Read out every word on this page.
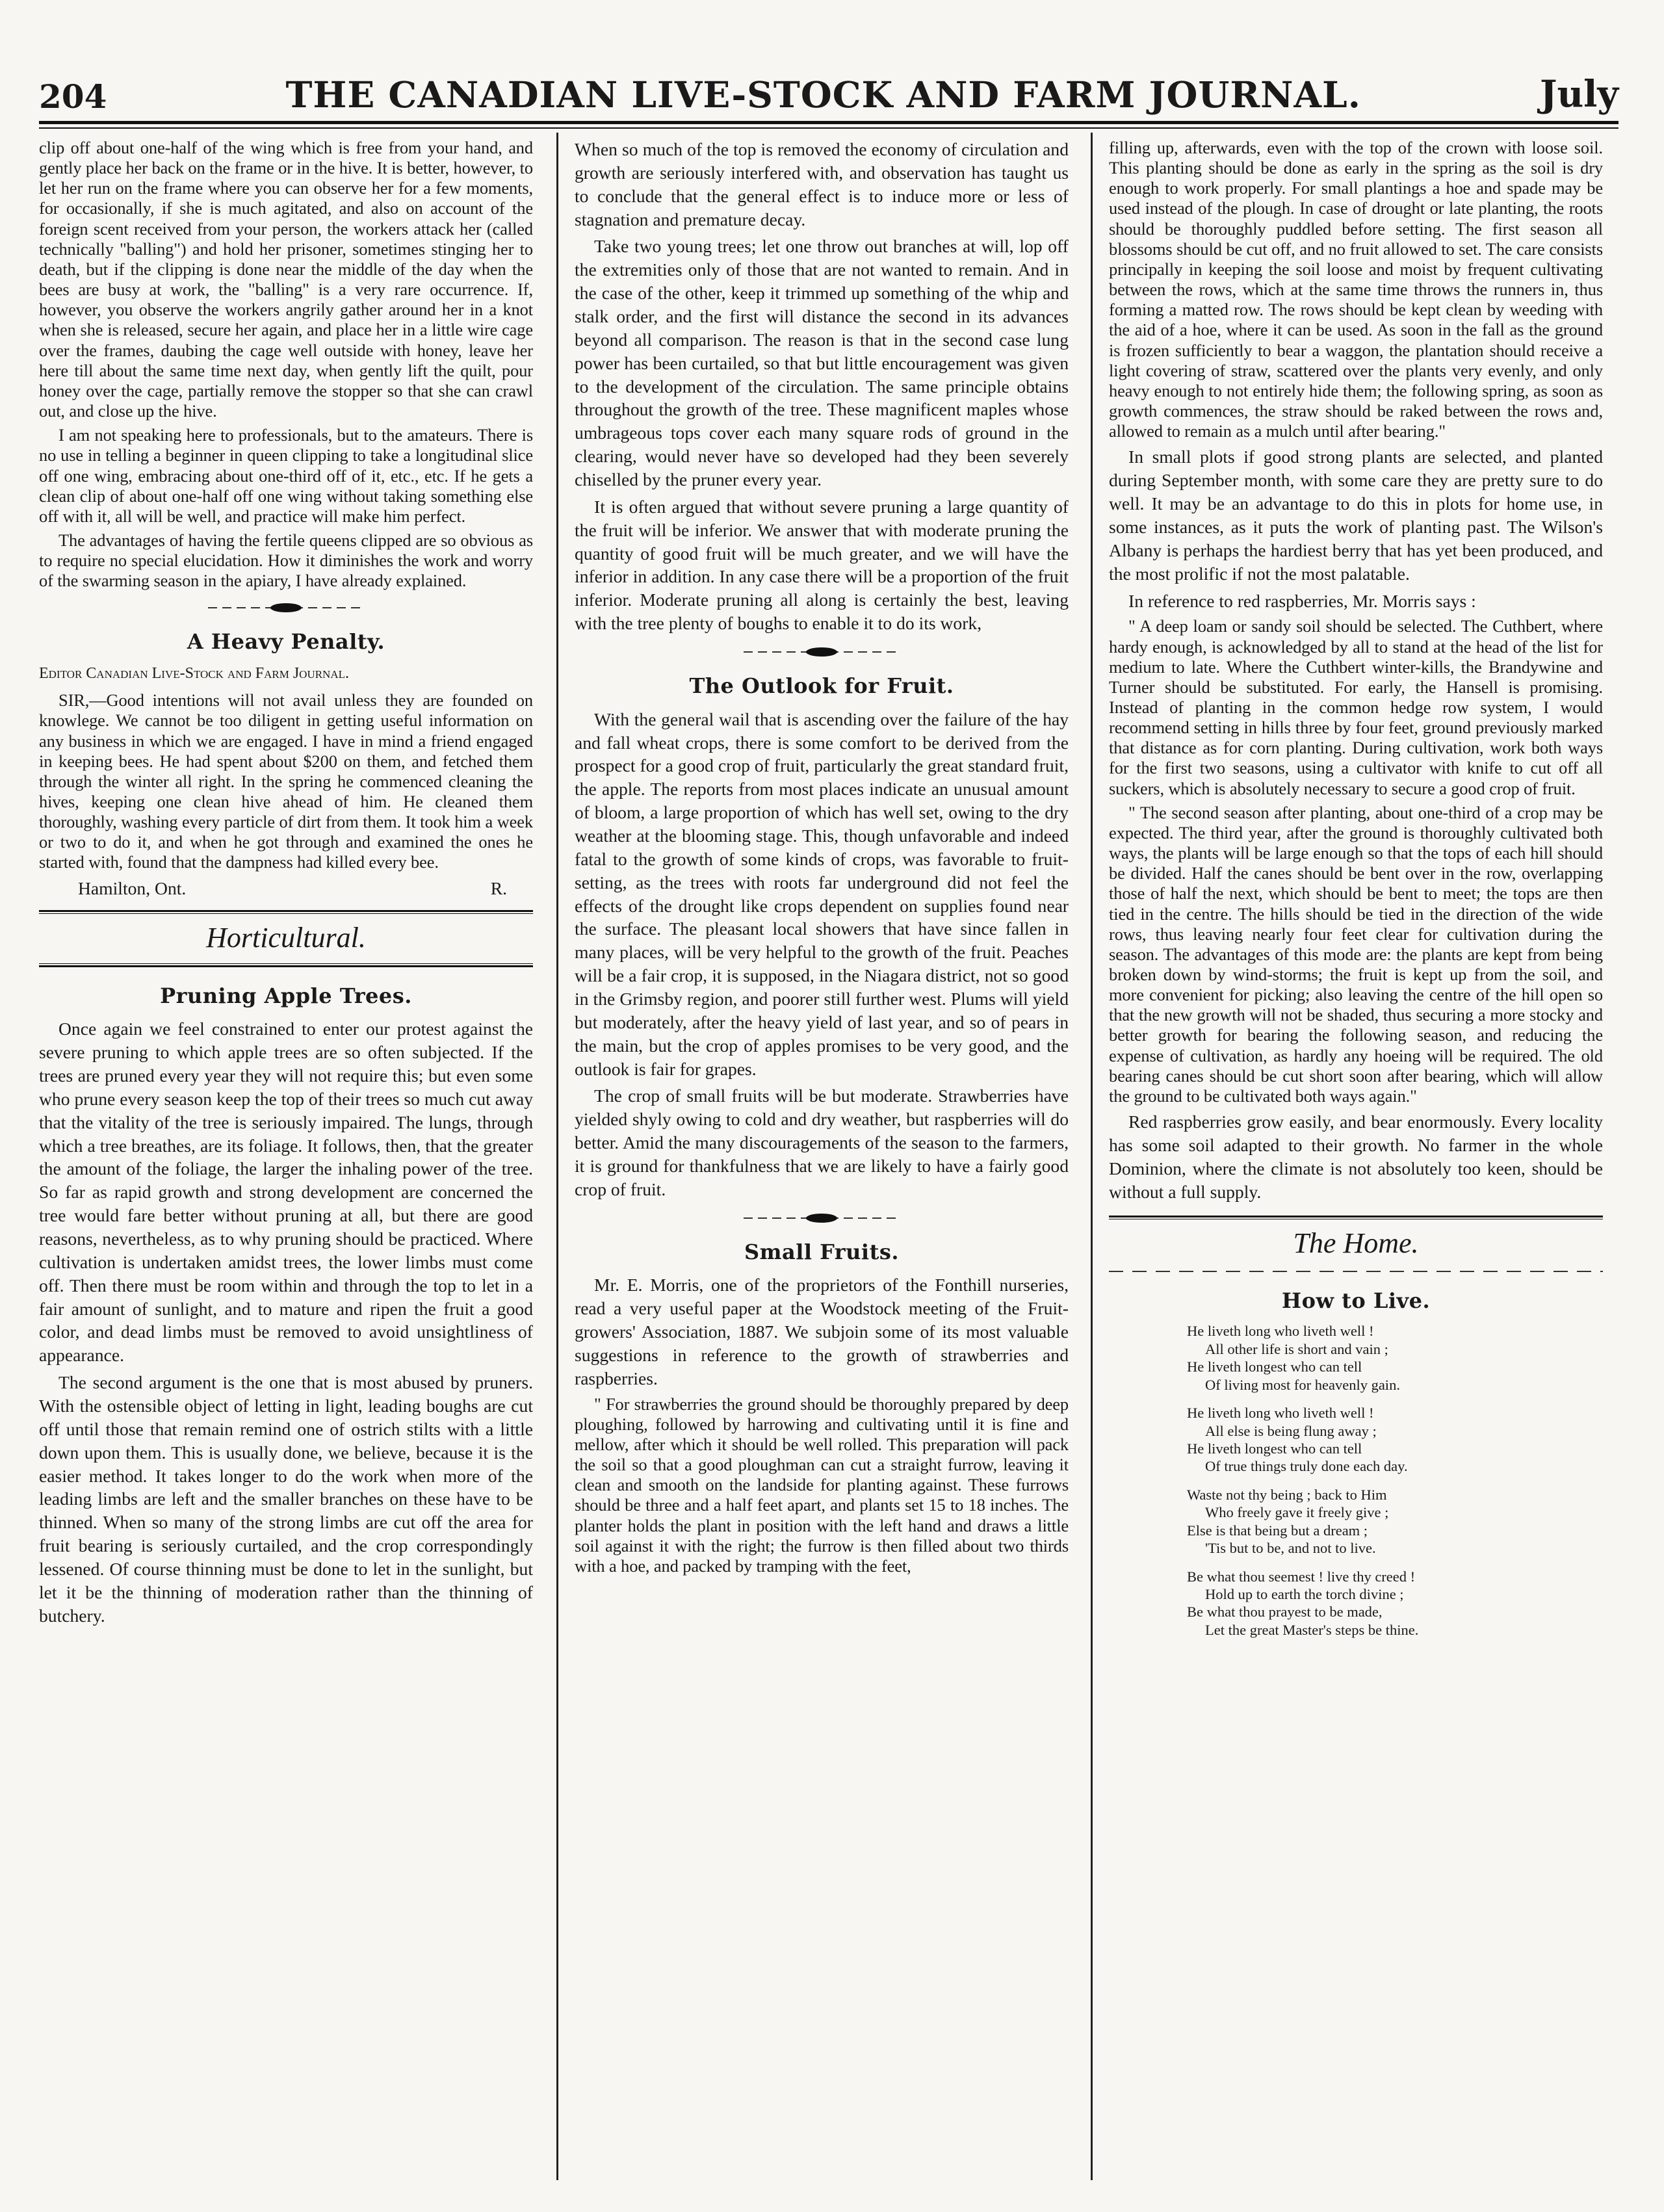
204	THE CANADIAN LIVE-STOCK AND FARM JOURNAL.	July

clip off about one-half of the wing which is free from your hand, and gently place her back on the frame or in the hive. It is better, however, to let her run on the frame where you can observe her for a few moments, for occasionally, if she is much agitated, and also on account of the foreign scent received from your person, the workers attack her (called technically "balling") and hold her prisoner, sometimes stinging her to death, but if the clipping is done near the middle of the day when the bees are busy at work, the "balling" is a very rare occurrence. If, however, you observe the workers angrily gather around her in a knot when she is released, secure her again, and place her in a little wire cage over the frames, daubing the cage well outside with honey, leave her here till about the same time next day, when gently lift the quilt, pour honey over the cage, partially remove the stopper so that she can crawl out, and close up the hive.

I am not speaking here to professionals, but to the amateurs. There is no use in telling a beginner in queen clipping to take a longitudinal slice off one wing, embracing about one-third off of it, etc., etc. If he gets a clean clip of about one-half off one wing without taking something else off with it, all will be well, and practice will make him perfect.

The advantages of having the fertile queens clipped are so obvious as to require no special elucidation. How it diminishes the work and worry of the swarming season in the apiary, I have already explained.

A Heavy Penalty.

Editor Canadian Live-Stock and Farm Journal.

SIR,—Good intentions will not avail unless they are founded on knowlege. We cannot be too diligent in getting useful information on any business in which we are engaged. I have in mind a friend engaged in keeping bees. He had spent about $200 on them, and fetched them through the winter all right. In the spring he commenced cleaning the hives, keeping one clean hive ahead of him. He cleaned them thoroughly, washing every particle of dirt from them. It took him a week or two to do it, and when he got through and examined the ones he started with, found that the dampness had killed every bee.

Hamilton, Ont.	R.
Horticultural.
Pruning Apple Trees.

Once again we feel constrained to enter our protest against the severe pruning to which apple trees are so often subjected. If the trees are pruned every year they will not require this; but even some who prune every season keep the top of their trees so much cut away that the vitality of the tree is seriously impaired. The lungs, through which a tree breathes, are its foliage. It follows, then, that the greater the amount of the foliage, the larger the inhaling power of the tree. So far as rapid growth and strong development are concerned the tree would fare better without pruning at all, but there are good reasons, nevertheless, as to why pruning should be practiced. Where cultivation is undertaken amidst trees, the lower limbs must come off. Then there must be room within and through the top to let in a fair amount of sunlight, and to mature and ripen the fruit a good color, and dead limbs must be removed to avoid unsightliness of appearance.

The second argument is the one that is most abused by pruners. With the ostensible object of letting in light, leading boughs are cut off until those that remain remind one of ostrich stilts with a little down upon them. This is usually done, we believe, because it is the easier method. It takes longer to do the work when more of the leading limbs are left and the smaller branches on these have to be thinned. When so many of the strong limbs are cut off the area for fruit bearing is seriously curtailed, and the crop correspondingly lessened. Of course thinning must be done to let in the sunlight, but let it be the thinning of moderation rather than the thinning of butchery.

When so much of the top is removed the economy of circulation and growth are seriously interfered with, and observation has taught us to conclude that the general effect is to induce more or less of stagnation and premature decay.

Take two young trees; let one throw out branches at will, lop off the extremities only of those that are not wanted to remain. And in the case of the other, keep it trimmed up something of the whip and stalk order, and the first will distance the second in its advances beyond all comparison. The reason is that in the second case lung power has been curtailed, so that but little encouragement was given to the development of the circulation. The same principle obtains throughout the growth of the tree. These magnificent maples whose umbrageous tops cover each many square rods of ground in the clearing, would never have so developed had they been severely chiselled by the pruner every year.

It is often argued that without severe pruning a large quantity of the fruit will be inferior. We answer that with moderate pruning the quantity of good fruit will be much greater, and we will have the inferior in addition. In any case there will be a proportion of the fruit inferior. Moderate pruning all along is certainly the best, leaving with the tree plenty of boughs to enable it to do its work,

The Outlook for Fruit.

With the general wail that is ascending over the failure of the hay and fall wheat crops, there is some comfort to be derived from the prospect for a good crop of fruit, particularly the great standard fruit, the apple. The reports from most places indicate an unusual amount of bloom, a large proportion of which has well set, owing to the dry weather at the blooming stage. This, though unfavorable and indeed fatal to the growth of some kinds of crops, was favorable to fruit-setting, as the trees with roots far underground did not feel the effects of the drought like crops dependent on supplies found near the surface. The pleasant local showers that have since fallen in many places, will be very helpful to the growth of the fruit. Peaches will be a fair crop, it is supposed, in the Niagara district, not so good in the Grimsby region, and poorer still further west. Plums will yield but moderately, after the heavy yield of last year, and so of pears in the main, but the crop of apples promises to be very good, and the outlook is fair for grapes.

The crop of small fruits will be but moderate. Strawberries have yielded shyly owing to cold and dry weather, but raspberries will do better. Amid the many discouragements of the season to the farmers, it is ground for thankfulness that we are likely to have a fairly good crop of fruit.

Small Fruits.

Mr. E. Morris, one of the proprietors of the Fonthill nurseries, read a very useful paper at the Woodstock meeting of the Fruit-growers' Association, 1887. We subjoin some of its most valuable suggestions in reference to the growth of strawberries and raspberries.

" For strawberries the ground should be thoroughly prepared by deep ploughing, followed by harrowing and cultivating until it is fine and mellow, after which it should be well rolled. This preparation will pack the soil so that a good ploughman can cut a straight furrow, leaving it clean and smooth on the landside for planting against. These furrows should be three and a half feet apart, and plants set 15 to 18 inches. The planter holds the plant in position with the left hand and draws a little soil against it with the right; the furrow is then filled about two thirds with a hoe, and packed by tramping with the feet,

filling up, afterwards, even with the top of the crown with loose soil. This planting should be done as early in the spring as the soil is dry enough to work properly. For small plantings a hoe and spade may be used instead of the plough. In case of drought or late planting, the roots should be thoroughly puddled before setting. The first season all blossoms should be cut off, and no fruit allowed to set. The care consists principally in keeping the soil loose and moist by frequent cultivating between the rows, which at the same time throws the runners in, thus forming a matted row. The rows should be kept clean by weeding with the aid of a hoe, where it can be used. As soon in the fall as the ground is frozen sufficiently to bear a waggon, the plantation should receive a light covering of straw, scattered over the plants very evenly, and only heavy enough to not entirely hide them; the following spring, as soon as growth commences, the straw should be raked between the rows and, allowed to remain as a mulch until after bearing."

In small plots if good strong plants are selected, and planted during September month, with some care they are pretty sure to do well. It may be an advantage to do this in plots for home use, in some instances, as it puts the work of planting past. The Wilson's Albany is perhaps the hardiest berry that has yet been produced, and the most prolific if not the most palatable.

In reference to red raspberries, Mr. Morris says :

" A deep loam or sandy soil should be selected. The Cuthbert, where hardy enough, is acknowledged by all to stand at the head of the list for medium to late. Where the Cuthbert winter-kills, the Brandywine and Turner should be substituted. For early, the Hansell is promising. Instead of planting in the common hedge row system, I would recommend setting in hills three by four feet, ground previously marked that distance as for corn planting. During cultivation, work both ways for the first two seasons, using a cultivator with knife to cut off all suckers, which is absolutely necessary to secure a good crop of fruit.

" The second season after planting, about one-third of a crop may be expected. The third year, after the ground is thoroughly cultivated both ways, the plants will be large enough so that the tops of each hill should be divided. Half the canes should be bent over in the row, overlapping those of half the next, which should be bent to meet; the tops are then tied in the centre. The hills should be tied in the direction of the wide rows, thus leaving nearly four feet clear for cultivation during the season. The advantages of this mode are: the plants are kept from being broken down by wind-storms; the fruit is kept up from the soil, and more convenient for picking; also leaving the centre of the hill open so that the new growth will not be shaded, thus securing a more stocky and better growth for bearing the following season, and reducing the expense of cultivation, as hardly any hoeing will be required. The old bearing canes should be cut short soon after bearing, which will allow the ground to be cultivated both ways again."

Red raspberries grow easily, and bear enormously. Every locality has some soil adapted to their growth. No farmer in the whole Dominion, where the climate is not absolutely too keen, should be without a full supply.

The Home.
How to Live.
He liveth long who liveth well !
All other life is short and vain ;
He liveth longest who can tell
Of living most for heavenly gain.
He liveth long who liveth well !
All else is being flung away ;
He liveth longest who can tell
Of true things truly done each day.
Waste not thy being ; back to Him
Who freely gave it freely give ;
Else is that being but a dream ;
'Tis but to be, and not to live.
Be what thou seemest ! live thy creed !
Hold up to earth the torch divine ;
Be what thou prayest to be made,
Let the great Master's steps be thine.
